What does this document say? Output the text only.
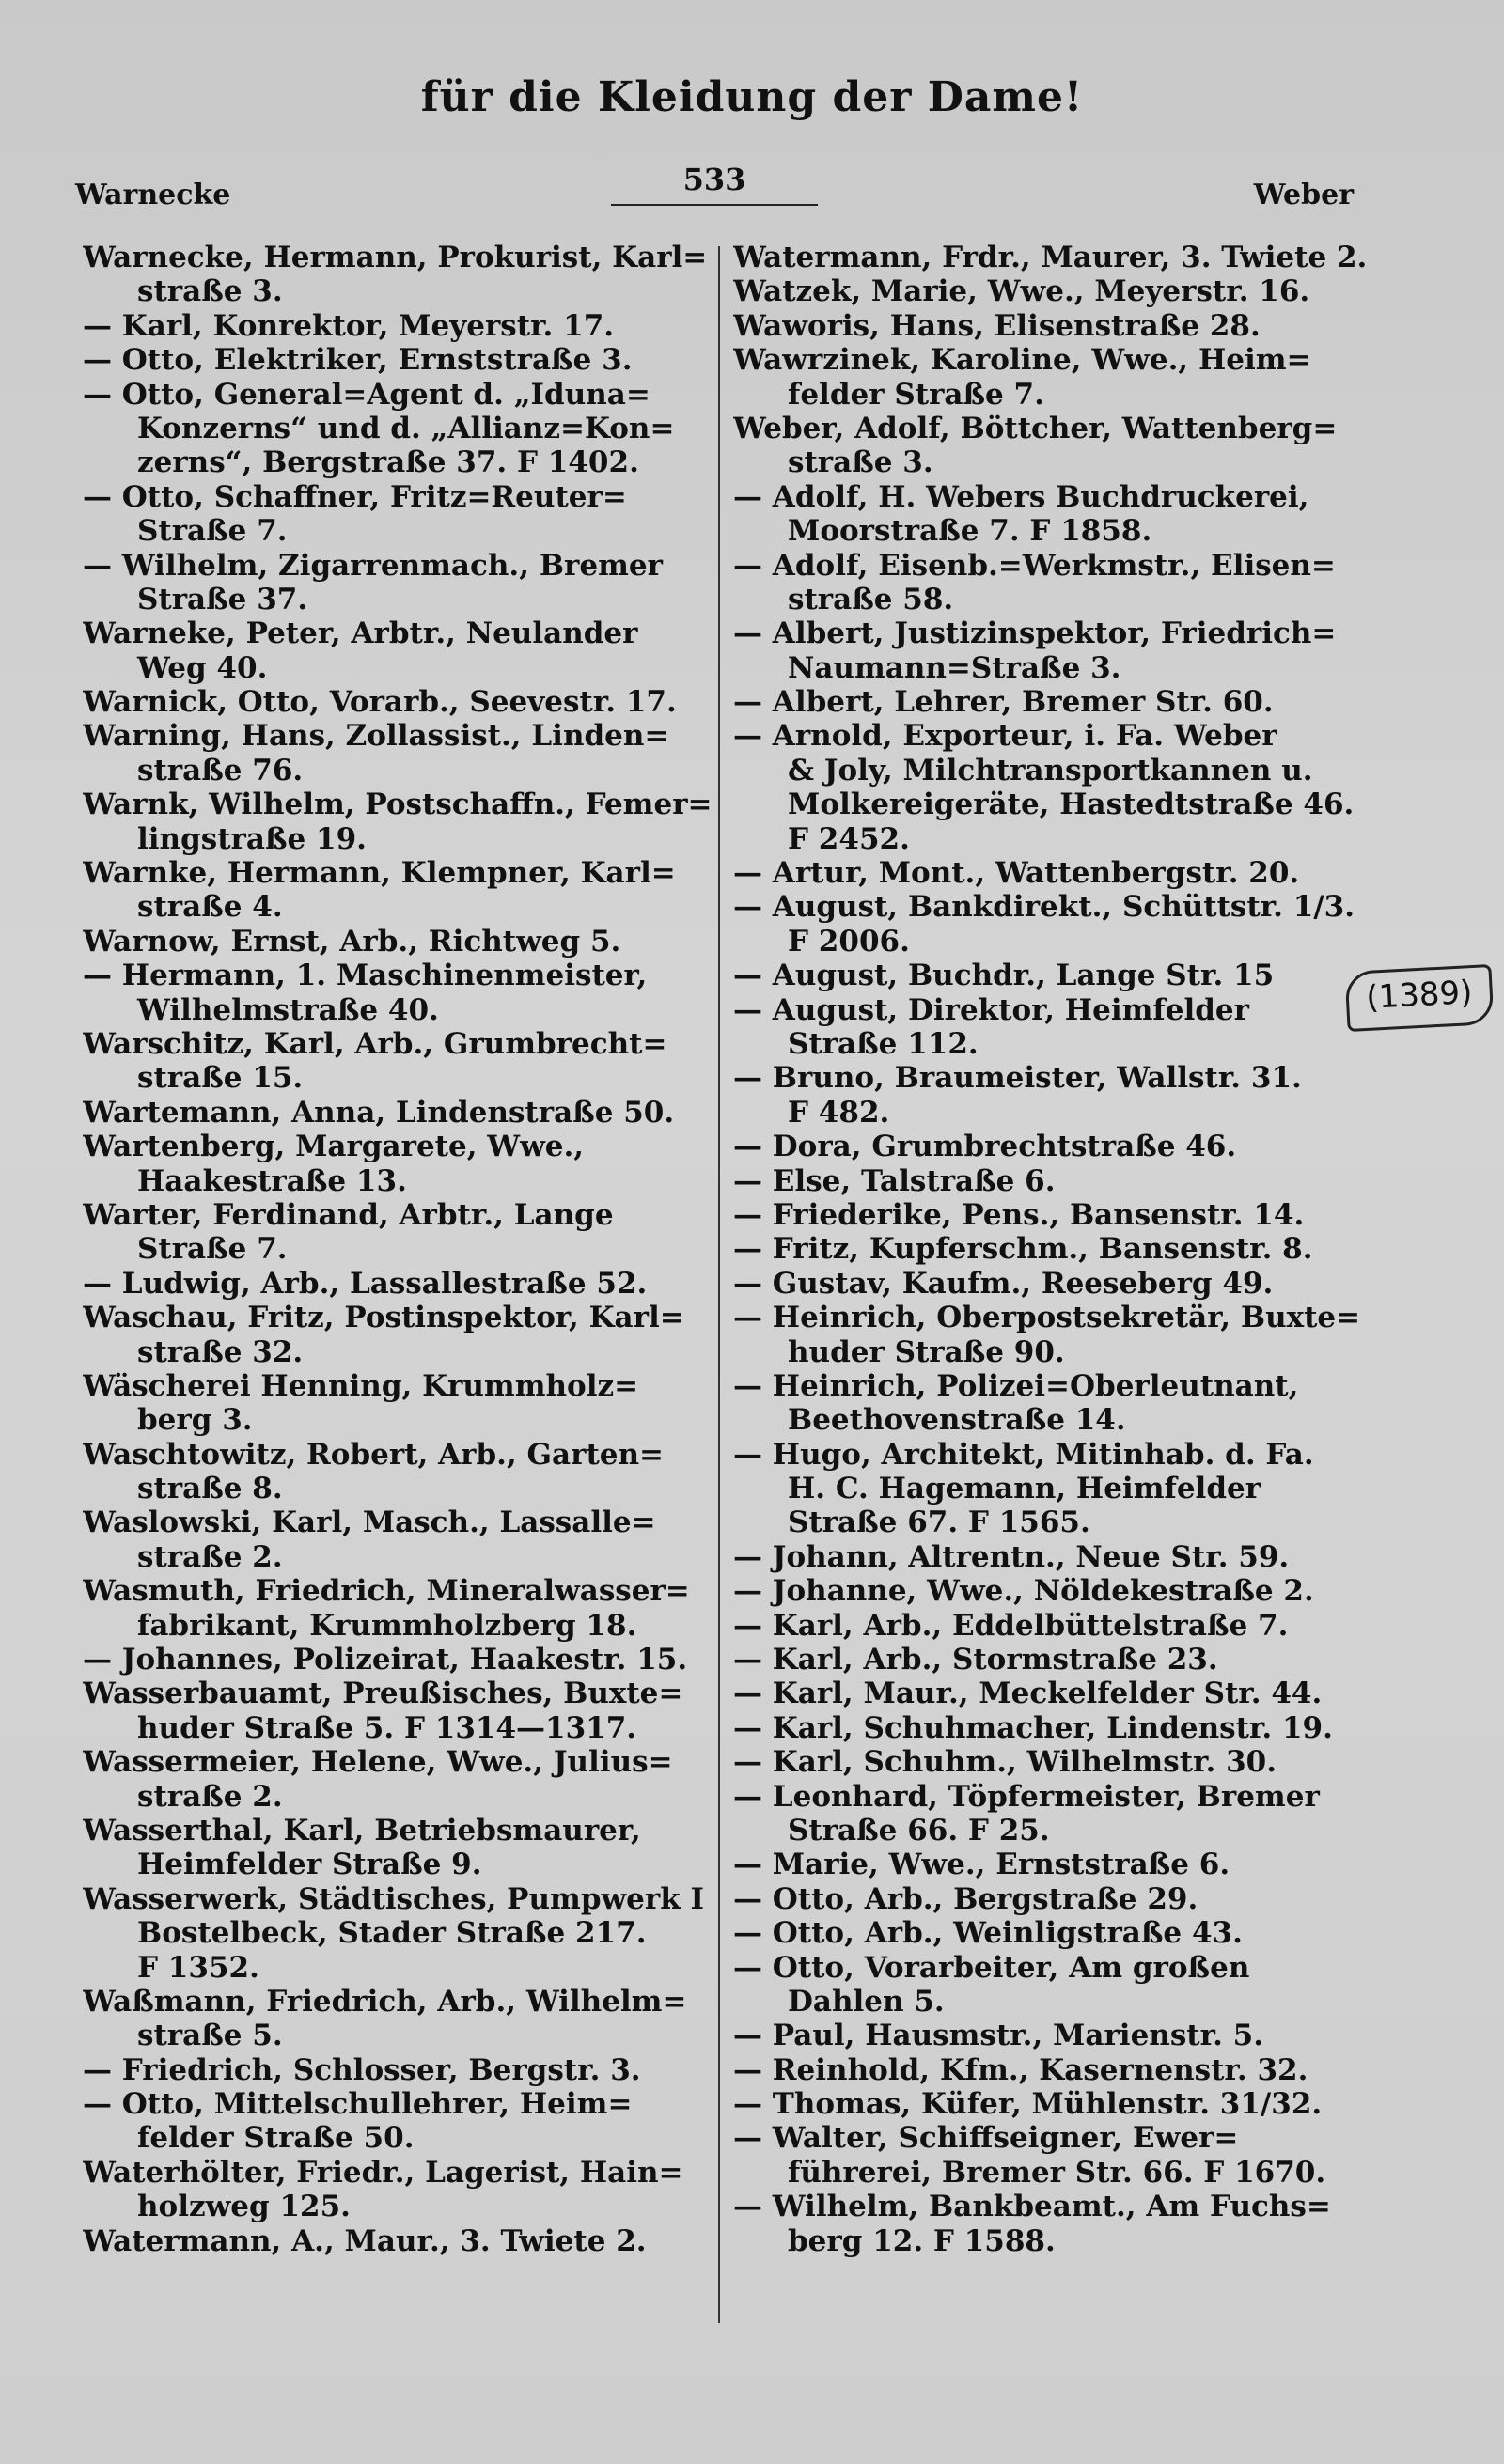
für die Kleidung der Dame!
Warnecke	533	Weber
Warnecke, Hermann, Prokurist, Karl=
straße 3.
— Karl, Konrektor, Meyerstr. 17.
— Otto, Elektriker, Ernststraße 3.
— Otto, General=Agent d. „Iduna=
Konzerns“ und d. „Allianz=Kon=
zerns“, Bergstraße 37. F 1402.
— Otto, Schaffner, Fritz=Reuter=
Straße 7.
— Wilhelm, Zigarrenmach., Bremer
Straße 37.
Warneke, Peter, Arbtr., Neulander
Weg 40.
Warnick, Otto, Vorarb., Seevestr. 17.
Warning, Hans, Zollassist., Linden=
straße 76.
Warnk, Wilhelm, Postschaffn., Femer=
lingstraße 19.
Warnke, Hermann, Klempner, Karl=
straße 4.
Warnow, Ernst, Arb., Richtweg 5.
— Hermann, 1. Maschinenmeister,
Wilhelmstraße 40.
Warschitz, Karl, Arb., Grumbrecht=
straße 15.
Wartemann, Anna, Lindenstraße 50.
Wartenberg, Margarete, Wwe.,
Haakestraße 13.
Warter, Ferdinand, Arbtr., Lange
Straße 7.
— Ludwig, Arb., Lassallestraße 52.
Waschau, Fritz, Postinspektor, Karl=
straße 32.
Wäscherei Henning, Krummholz=
berg 3.
Waschtowitz, Robert, Arb., Garten=
straße 8.
Waslowski, Karl, Masch., Lassalle=
straße 2.
Wasmuth, Friedrich, Mineralwasser=
fabrikant, Krummholzberg 18.
— Johannes, Polizeirat, Haakestr. 15.
Wasserbauamt, Preußisches, Buxte=
huder Straße 5. F 1314—1317.
Wassermeier, Helene, Wwe., Julius=
straße 2.
Wasserthal, Karl, Betriebsmaurer,
Heimfelder Straße 9.
Wasserwerk, Städtisches, Pumpwerk I
Bostelbeck, Stader Straße 217.
F 1352.
Waßmann, Friedrich, Arb., Wilhelm=
straße 5.
— Friedrich, Schlosser, Bergstr. 3.
— Otto, Mittelschullehrer, Heim=
felder Straße 50.
Waterhölter, Friedr., Lagerist, Hain=
holzweg 125.
Watermann, A., Maur., 3. Twiete 2.
Watermann, Frdr., Maurer, 3. Twiete 2.
Watzek, Marie, Wwe., Meyerstr. 16.
Waworis, Hans, Elisenstraße 28.
Wawrzinek, Karoline, Wwe., Heim=
felder Straße 7.
Weber, Adolf, Böttcher, Wattenberg=
straße 3.
— Adolf, H. Webers Buchdruckerei,
Moorstraße 7. F 1858.
— Adolf, Eisenb.=Werkmstr., Elisen=
straße 58.
— Albert, Justizinspektor, Friedrich=
Naumann=Straße 3.
— Albert, Lehrer, Bremer Str. 60.
— Arnold, Exporteur, i. Fa. Weber
& Joly, Milchtransportkannen u.
Molkereigeräte, Hastedtstraße 46.
F 2452.
— Artur, Mont., Wattenbergstr. 20.
— August, Bankdirekt., Schüttstr. 1/3.
F 2006.
— August, Buchdr., Lange Str. 15
— August, Direktor, Heimfelder
Straße 112.
— Bruno, Braumeister, Wallstr. 31.
F 482.
— Dora, Grumbrechtstraße 46.
— Else, Talstraße 6.
— Friederike, Pens., Bansenstr. 14.
— Fritz, Kupferschm., Bansenstr. 8.
— Gustav, Kaufm., Reeseberg 49.
— Heinrich, Oberpostsekretär, Buxte=
huder Straße 90.
— Heinrich, Polizei=Oberleutnant,
Beethovenstraße 14.
— Hugo, Architekt, Mitinhab. d. Fa.
H. C. Hagemann, Heimfelder
Straße 67. F 1565.
— Johann, Altrentn., Neue Str. 59.
— Johanne, Wwe., Nöldekestraße 2.
— Karl, Arb., Eddelbüttelstraße 7.
— Karl, Arb., Stormstraße 23.
— Karl, Maur., Meckelfelder Str. 44.
— Karl, Schuhmacher, Lindenstr. 19.
— Karl, Schuhm., Wilhelmstr. 30.
— Leonhard, Töpfermeister, Bremer
Straße 66. F 25.
— Marie, Wwe., Ernststraße 6.
— Otto, Arb., Bergstraße 29.
— Otto, Arb., Weinligstraße 43.
— Otto, Vorarbeiter, Am großen
Dahlen 5.
— Paul, Hausmstr., Marienstr. 5.
— Reinhold, Kfm., Kasernenstr. 32.
— Thomas, Küfer, Mühlenstr. 31/32.
— Walter, Schiffseigner, Ewer=
führerei, Bremer Str. 66. F 1670.
— Wilhelm, Bankbeamt., Am Fuchs=
berg 12. F 1588.
(1389)
